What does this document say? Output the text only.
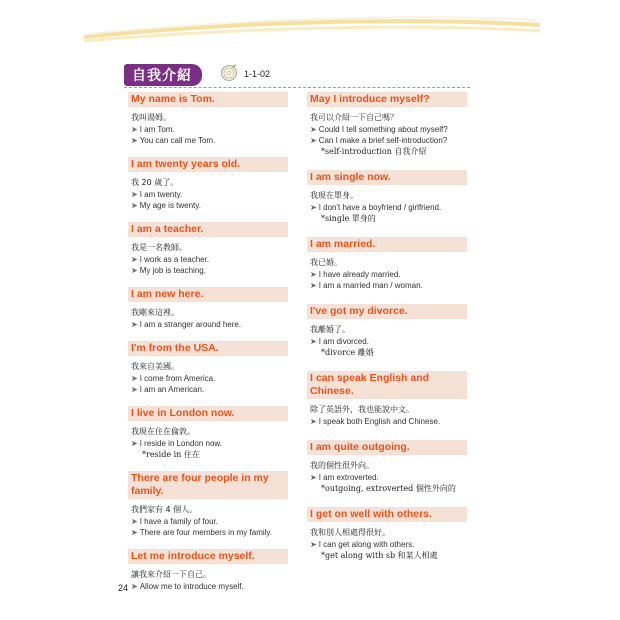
自我介紹	1-1-02
My name is Tom.
我叫湯姆。
➤ I am Tom.
➤ You can call me Tom.
I am twenty years old.
我 20 歲了。
➤ I am twenty.
➤ My age is twenty.
I am a teacher.
我是一名教師。
➤ I work as a teacher.
➤ My job is teaching.
I am new here.
我剛來這裡。
➤ I am a stranger around here.
I'm from the USA.
我來自美國。
➤ I come from America.
➤ I am an American.
I live in London now.
我現在住在倫敦。
➤ I reside in London now.
*reside in 住在
There are four people in my family.
我們家有 4 個人。
➤ I have a family of four.
➤ There are four members in my family.
Let me introduce myself.
讓我來介紹一下自己。
➤ Allow me to introduce myself.
May I introduce myself?
我可以介紹一下自己嗎？
➤ Could I tell something about myself?
➤ Can I make a brief self-introduction?
*self-introduction 自我介紹
I am single now.
我現在單身。
➤ I don't have a boyfriend / girlfriend.
*single 單身的
I am married.
我已婚。
➤ I have already married.
➤ I am a married man / woman.
I've got my divorce.
我離婚了。
➤ I am divorced.
*divorce 離婚
I can speak English and Chinese.
除了英語外，我也能說中文。
➤ I speak both English and Chinese.
I am quite outgoing.
我的個性很外向。
➤ I am extroverted.
*outgoing, extroverted 個性外向的
I get on well with others.
我和別人相處得很好。
➤ I can get along with others.
*get along with sb 和某人相處
24
